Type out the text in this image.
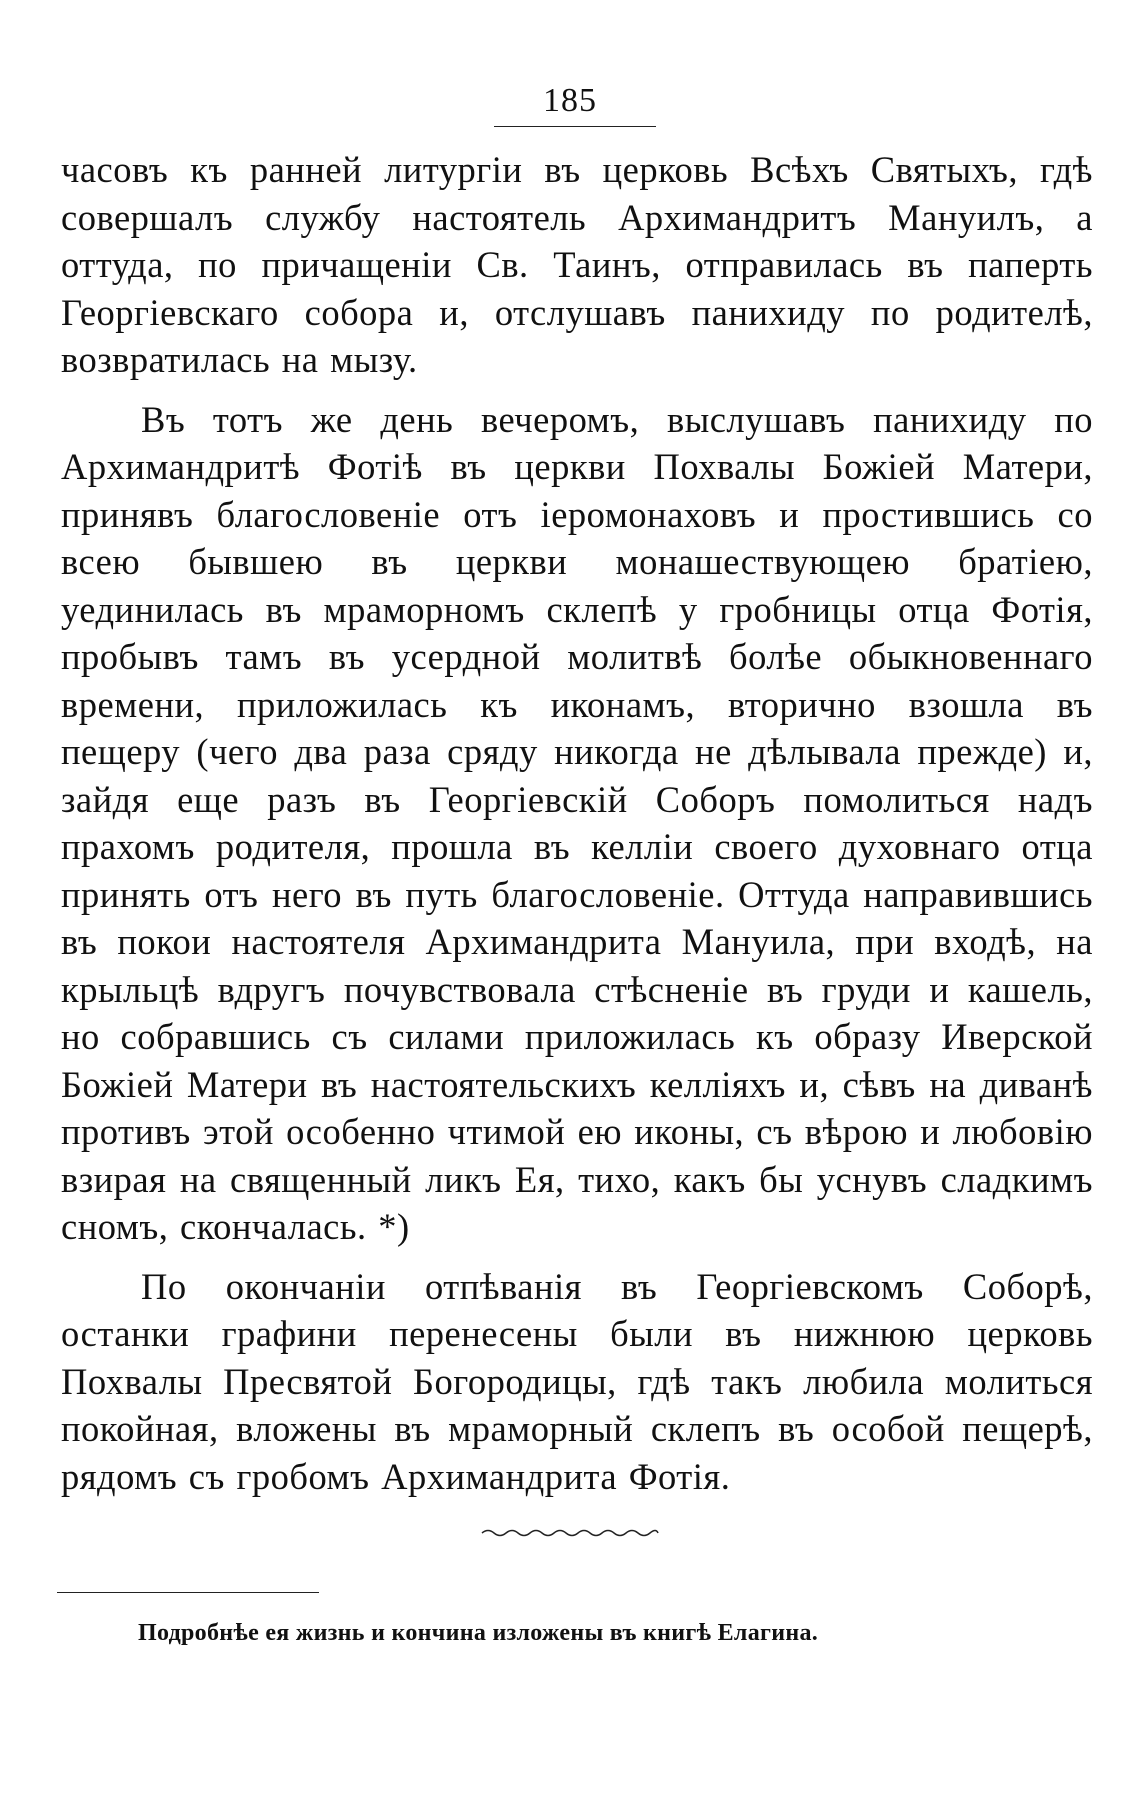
185

часовъ къ ранней литургіи въ церковь Всѣхъ Святыхъ, гдѣ совершалъ службу настоятель Архимандритъ Мануилъ, а оттуда, по причащеніи Св. Таинъ, отправилась въ паперть Георгіевскаго собора и, отслушавъ панихиду по родителѣ, возвратилась на мызу.

Въ тотъ же день вечеромъ, выслушавъ панихиду по Архимандритѣ Фотіѣ въ церкви Похвалы Божіей Матери, принявъ благословеніе отъ іеромонаховъ и простившись со всею бывшею въ церкви монашествующею братіею, уединилась въ мраморномъ склепѣ у гробницы отца Фотія, пробывъ тамъ въ усердной молитвѣ болѣе обыкновеннаго времени, приложилась къ иконамъ, вторично взошла въ пещеру (чего два раза сряду никогда не дѣлывала прежде) и, зайдя еще разъ въ Георгіевскій Соборъ помолиться надъ прахомъ родителя, прошла въ келліи своего духовнаго отца принять отъ него въ путь благословеніе. Оттуда направившись въ покои настоятеля Архимандрита Мануила, при входѣ, на крыльцѣ вдругъ почувствовала стѣсненіе въ груди и кашель, но собравшись съ силами приложилась къ образу Иверской Божіей Матери въ настоятельскихъ келліяхъ и, сѣвъ на диванѣ противъ этой особенно чтимой ею иконы, съ вѣрою и любовію взирая на священный ликъ Ея, тихо, какъ бы уснувъ сладкимъ сномъ, скончалась. *)

По окончаніи отпѣванія въ Георгіевскомъ Соборѣ, останки графини перенесены были въ нижнюю церковь Похвалы Пресвятой Богородицы, гдѣ такъ любила молиться покойная, вложены въ мраморный склепъ въ особой пещерѣ, рядомъ съ гробомъ Архимандрита Фотія.

Подробнѣе ея жизнь и кончина изложены въ книгѣ Елагина.
